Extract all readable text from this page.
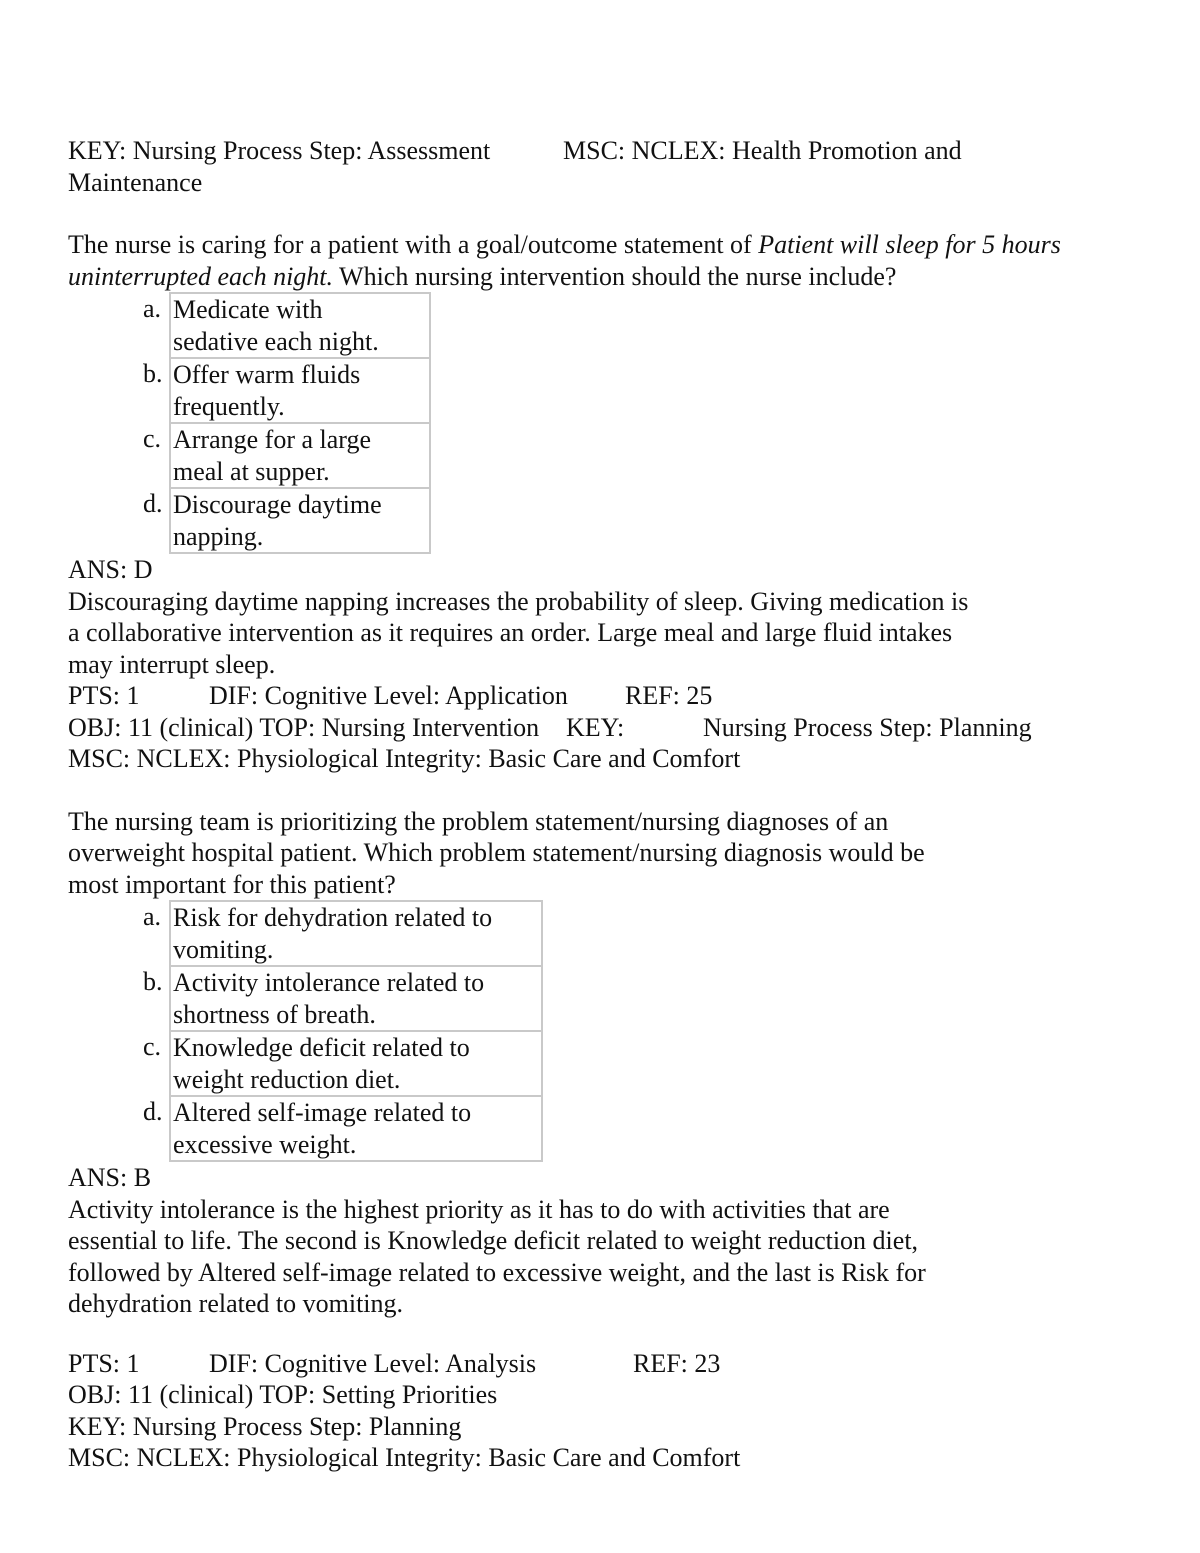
KEY: Nursing Process Step: Assessment	MSC: NCLEX: Health Promotion and

Maintenance

The nurse is caring for a patient with a goal/outcome statement of Patient will sleep for 5 hours uninterrupted each night. Which nursing intervention should the nurse include?

a.	Medicate with
sedative each night.

b.	Offer warm fluids
frequently.

c.	Arrange for a large
meal at supper.

d.	Discourage daytime
napping.

ANS: D

Discouraging daytime napping increases the probability of sleep. Giving medication is

a collaborative intervention as it requires an order. Large meal and large fluid intakes

may interrupt sleep.

PTS: 1	DIF: Cognitive Level: Application REF: 25
OBJ: 11 (clinical) TOP: Nursing Intervention KEY:	Nursing Process Step: Planning

MSC: NCLEX: Physiological Integrity: Basic Care and Comfort

The nursing team is prioritizing the problem statement/nursing diagnoses of an

overweight hospital patient. Which problem statement/nursing diagnosis would be

most important for this patient?

a.	Risk for dehydration related to
vomiting.

b.	Activity intolerance related to
shortness of breath.

c.	Knowledge deficit related to
weight reduction diet.

d.	Altered self-image related to
excessive weight.

ANS: B

Activity intolerance is the highest priority as it has to do with activities that are

essential to life. The second is Knowledge deficit related to weight reduction diet,

followed by Altered self-image related to excessive weight, and the last is Risk for

dehydration related to vomiting.

PTS: 1	DIF: Cognitive Level: Analysis	REF: 23

OBJ: 11 (clinical) TOP: Setting Priorities

KEY: Nursing Process Step: Planning

MSC: NCLEX: Physiological Integrity: Basic Care and Comfort
